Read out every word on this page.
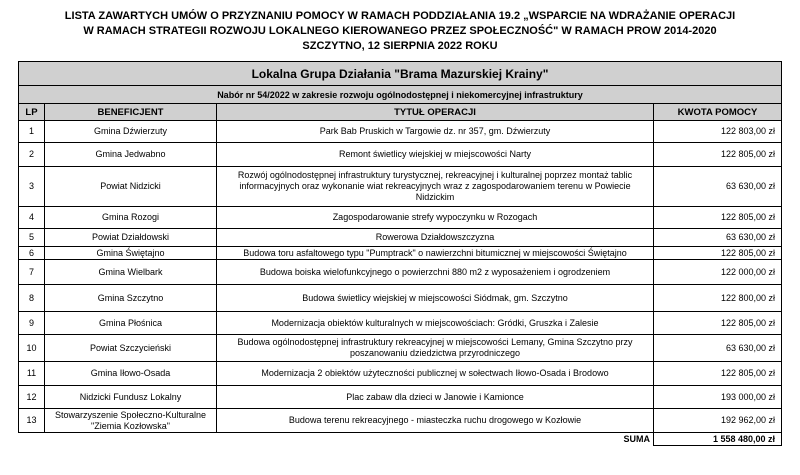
LISTA ZAWARTYCH UMÓW O PRZYZNANIU POMOCY W RAMACH PODDZIAŁANIA 19.2 „WSPARCIE NA WDRAŻANIE OPERACJI
W RAMACH STRATEGII ROZWOJU LOKALNEGO KIEROWANEGO PRZEZ SPOŁECZNOŚĆ" W RAMACH PROW 2014-2020
SZCZYTNO, 12 SIERPNIA 2022 ROKU
Lokalna Grupa Działania "Brama Mazurskiej Krainy"			
Nabór nr 54/2022 w zakresie rozwoju ogólnodostępnej i niekomercyjnej infrastruktury			
LP	BENEFICJENT	TYTUŁ OPERACJI	KWOTA POMOCY
1	Gmina Dźwierzuty	Park Bab Pruskich w Targowie dz. nr 357, gm. Dźwierzuty	122 803,00 zł
2	Gmina Jedwabno	Remont świetlicy wiejskiej w miejscowości Narty	122 805,00 zł
3	Powiat Nidzicki	Rozwój ogólnodostępnej infrastruktury turystycznej, rekreacyjnej i kulturalnej poprzez montaż tablic informacyjnych oraz wykonanie wiat rekreacyjnych wraz z zagospodarowaniem terenu w Powiecie Nidzickim	63 630,00 zł
4	Gmina Rozogi	Zagospodarowanie strefy wypoczynku w Rozogach	122 805,00 zł
5	Powiat Działdowski	Rowerowa Działdowszczyzna	63 630,00 zł
6	Gmina Świętajno	Budowa toru asfaltowego typu "Pumptrack" o nawierzchni bitumicznej w miejscowości Świętajno	122 805,00 zł
7	Gmina Wielbark	Budowa boiska wielofunkcyjnego o powierzchni 880 m2 z wyposażeniem i ogrodzeniem	122 000,00 zł
8	Gmina Szczytno	Budowa świetlicy wiejskiej w miejscowości Siódmak, gm. Szczytno	122 800,00 zł
9	Gmina Płośnica	Modernizacja obiektów kulturalnych w miejscowościach: Gródki, Gruszka i Zalesie	122 805,00 zł
10	Powiat Szczycieński	Budowa ogólnodostępnej infrastruktury rekreacyjnej w miejscowości Lemany, Gmina Szczytno przy poszanowaniu dziedzictwa przyrodniczego	63 630,00 zł
11	Gmina Iłowo-Osada	Modernizacja 2 obiektów użyteczności publicznej w sołectwach Iłowo-Osada i Brodowo	122 805,00 zł
12	Nidzicki Fundusz Lokalny	Plac zabaw dla dzieci w Janowie i Kamionce	193 000,00 zł
13	Stowarzyszenie Społeczno-Kulturalne "Ziemia Kozłowska"	Budowa terenu rekreacyjnego - miasteczka ruchu drogowego w Kozłowie	192 962,00 zł
		SUMA	1 558 480,00 zł
